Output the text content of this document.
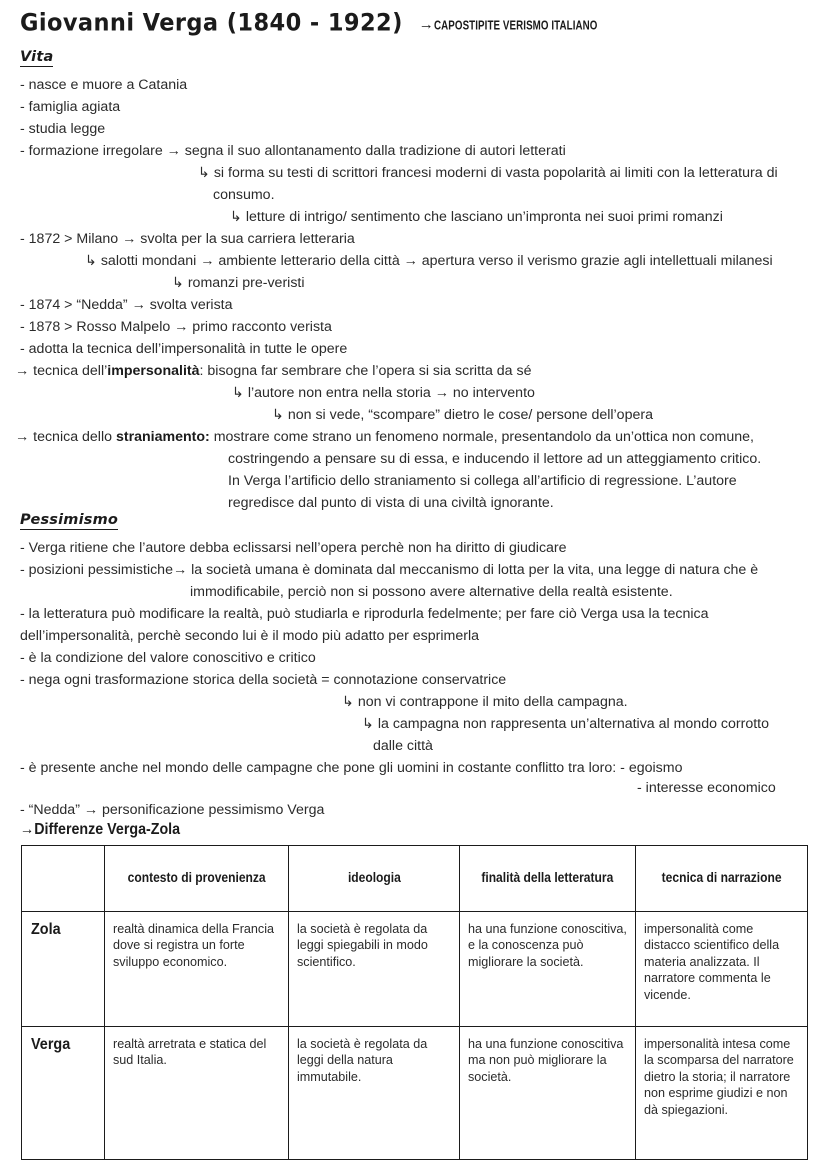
Giovanni Verga (1840 - 1922) → CAPOSTIPITE VERISMO ITALIANO
Vita
- nasce e muore a Catania
- famiglia agiata
- studia legge
- formazione irregolare → segna il suo allontanamento dalla tradizione di autori letterati
↳ si forma su testi di scrittori francesi moderni di vasta popolarità ai limiti con la letteratura di
consumo.
↳ letture di intrigo/ sentimento che lasciano un’impronta nei suoi primi romanzi
- 1872 > Milano → svolta per la sua carriera letteraria
↳ salotti mondani → ambiente letterario della città → apertura verso il verismo grazie agli intellettuali milanesi
↳ romanzi pre-veristi
- 1874 > “Nedda” → svolta verista
- 1878 > Rosso Malpelo → primo racconto verista
- adotta la tecnica dell’impersonalità in tutte le opere
→ tecnica dell’impersonalità: bisogna far sembrare che l’opera si sia scritta da sé
↳ l’autore non entra nella storia → no intervento
↳ non si vede, “scompare” dietro le cose/ persone dell’opera
→ tecnica dello straniamento: mostrare come strano un fenomeno normale, presentandolo da un’ottica non comune,
costringendo a pensare su di essa, e inducendo il lettore ad un atteggiamento critico.
In Verga l’artificio dello straniamento si collega all’artificio di regressione. L’autore
regredisce dal punto di vista di una civiltà ignorante.
Pessimismo
- Verga ritiene che l’autore debba eclissarsi nell’opera perchè non ha diritto di giudicare
- posizioni pessimistiche→ la società umana è dominata dal meccanismo di lotta per la vita, una legge di natura che è
immodificabile, perciò non si possono avere alternative della realtà esistente.
- la letteratura può modificare la realtà, può studiarla e riprodurla fedelmente; per fare ciò Verga usa la tecnica
dell’impersonalità, perchè secondo lui è il modo più adatto per esprimerla
- è la condizione del valore conoscitivo e critico
- nega ogni trasformazione storica della società = connotazione conservatrice
↳ non vi contrappone il mito della campagna.
↳ la campagna non rappresenta un’alternativa al mondo corrotto
dalle città
- è presente anche nel mondo delle campagne che pone gli uomini in costante conflitto tra loro: - egoismo
- interesse economico
- “Nedda” → personificazione pessimismo Verga
→Differenze Verga-Zola
	contesto di provenienza	ideologia	finalità della letteratura	tecnica di narrazione
Zola	realtà dinamica della Francia dove si registra un forte sviluppo economico.	la società è regolata da leggi spiegabili in modo scientifico.	ha una funzione conoscitiva, e la conoscenza può migliorare la società.	impersonalità come distacco scientifico della materia analizzata. Il narratore commenta le vicende.
Verga	realtà arretrata e statica del sud Italia.	la società è regolata da leggi della natura immutabile.	ha una funzione conoscitiva ma non può migliorare la società.	impersonalità intesa come la scomparsa del narratore dietro la storia; il narratore non esprime giudizi e non dà spiegazioni.
